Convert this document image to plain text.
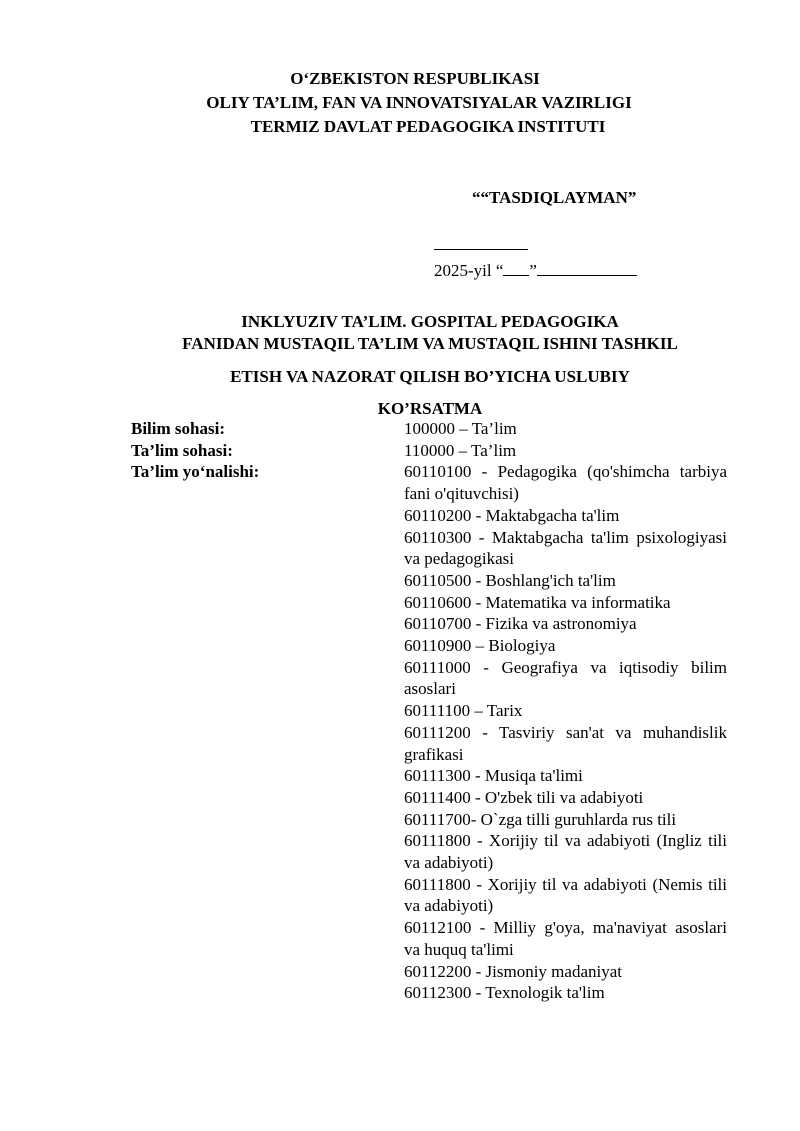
O‘ZBEKISTON RESPUBLIKASI
OLIY TA’LIM, FAN VA INNOVATSIYALAR VAZIRLIGI
TERMIZ DAVLAT PEDAGOGIKA INSTITUTI
““TASDIQLAYMAN”
2025-yil “ ”
INKLYUZIV TA’LIM. GOSPITAL PEDAGOGIKA
FANIDAN MUSTAQIL TA’LIM VA MUSTAQIL ISHINI TASHKIL
ETISH VA NAZORAT QILISH BO’YICHA USLUBIY
KO’RSATMA
Bilim sohasi:
Ta’lim sohasi:
Ta’lim yo‘nalishi:
100000 – Ta’lim
110000 – Ta’lim
60110100 - Pedagogika (qo'shimcha tarbiya fani o'qituvchisi)
60110200 - Maktabgacha ta'lim
60110300 - Maktabgacha ta'lim psixologiyasi va pedagogikasi
60110500 - Boshlang'ich ta'lim
60110600 - Matematika va informatika
60110700 - Fizika va astronomiya
60110900 – Biologiya
60111000 - Geografiya va iqtisodiy bilim asoslari
60111100 – Tarix
60111200 - Tasviriy san'at va muhandislik grafikasi
60111300 - Musiqa ta'limi
60111400 - O'zbek tili va adabiyoti
60111700- O`zga tilli guruhlarda rus tili
60111800 - Xorijiy til va adabiyoti (Ingliz tili va adabiyoti)
60111800 - Xorijiy til va adabiyoti (Nemis tili va adabiyoti)
60112100 - Milliy g'oya, ma'naviyat asoslari va huquq ta'limi
60112200 - Jismoniy madaniyat
60112300 - Texnologik ta'lim
